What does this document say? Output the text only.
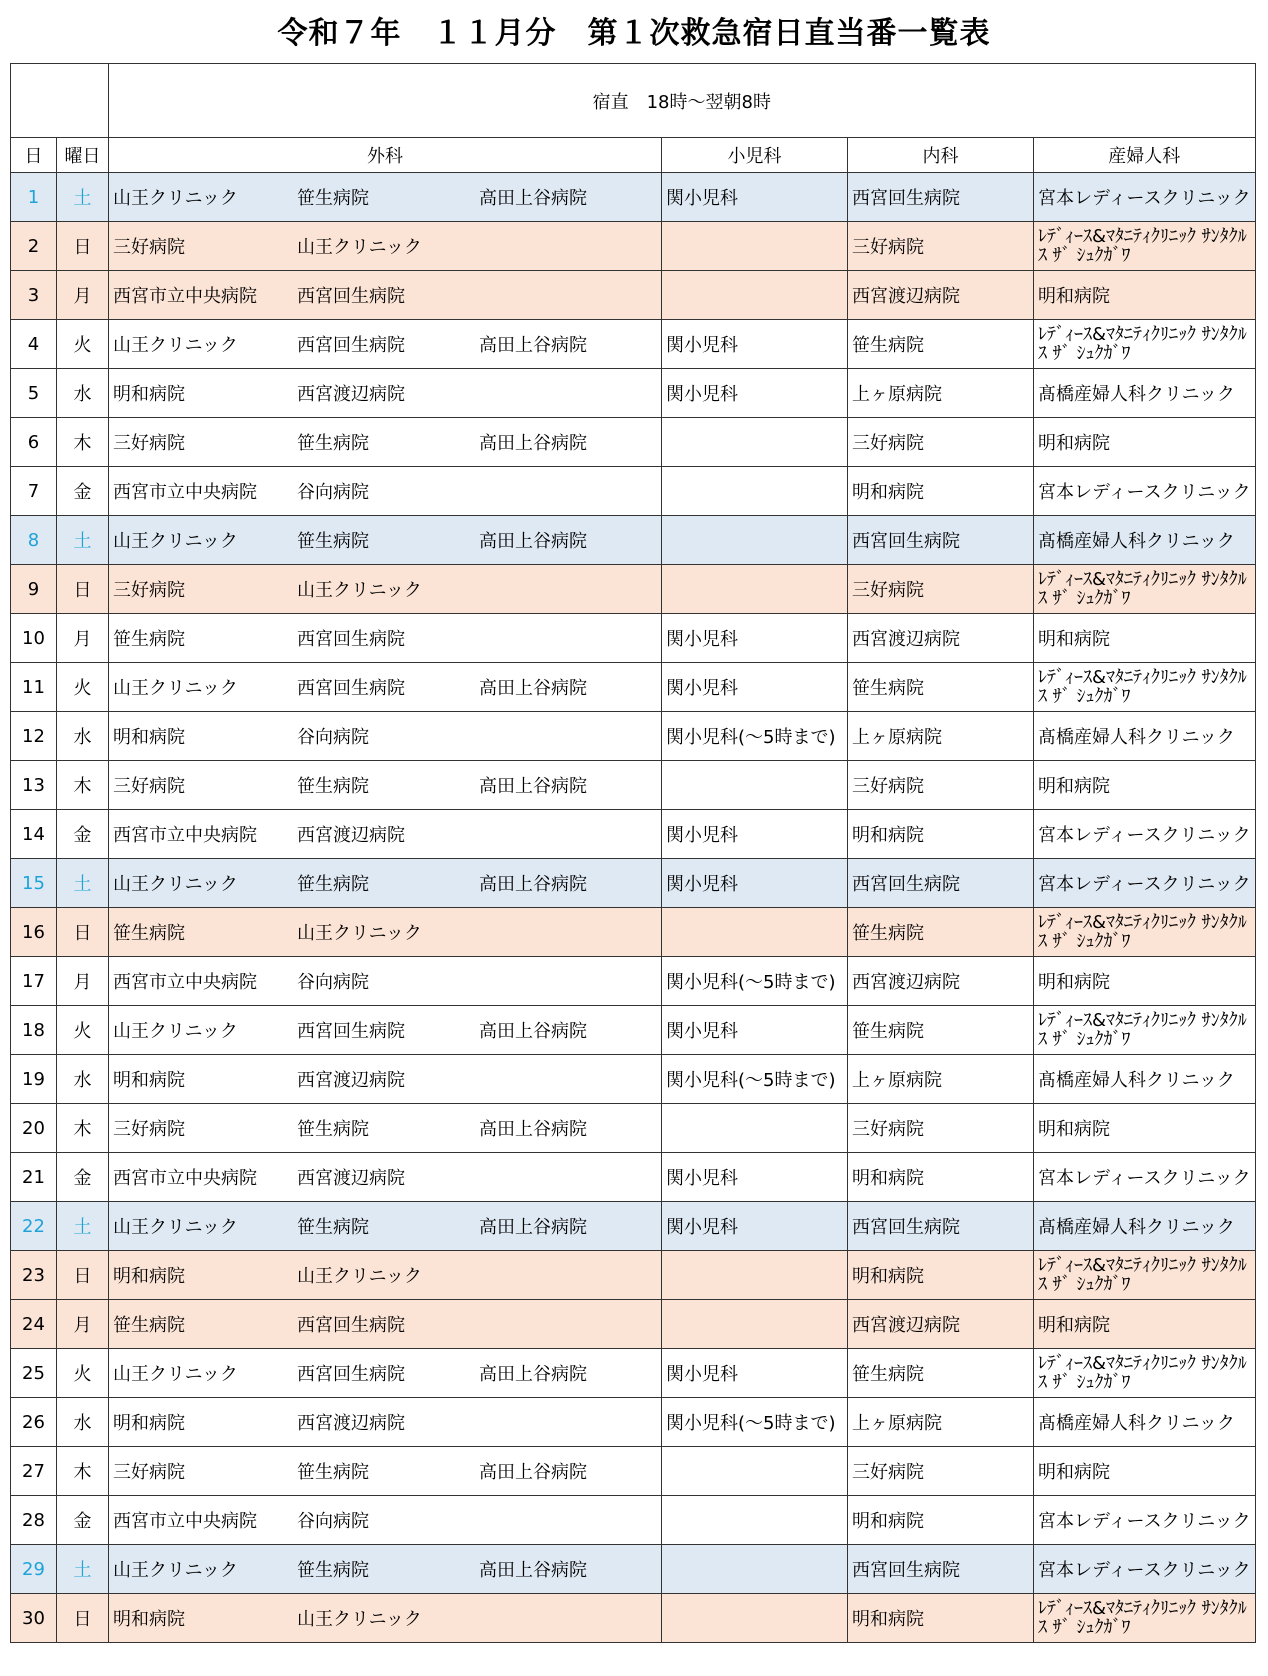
令和７年　１１月分　第１次救急宿日直当番一覧表
		宿直　18時～翌朝8時			
日	曜日	外科	小児科	内科	産婦人科
1	土	山王クリニック 笹生病院 高田上谷病院	関小児科	西宮回生病院	宮本レディースクリニック
2	日	三好病院 山王クリニック		三好病院	ﾚﾃﾞｨｰｽ&ﾏﾀﾆﾃｨｸﾘﾆｯｸ ｻﾝﾀｸﾙｽ ｻﾞ ｼｭｸｶﾞﾜ
3	月	西宮市立中央病院 西宮回生病院		西宮渡辺病院	明和病院
4	火	山王クリニック 西宮回生病院 高田上谷病院	関小児科	笹生病院	ﾚﾃﾞｨｰｽ&ﾏﾀﾆﾃｨｸﾘﾆｯｸ ｻﾝﾀｸﾙｽ ｻﾞ ｼｭｸｶﾞﾜ
5	水	明和病院 西宮渡辺病院	関小児科	上ヶ原病院	髙橋産婦人科クリニック
6	木	三好病院 笹生病院 高田上谷病院		三好病院	明和病院
7	金	西宮市立中央病院 谷向病院		明和病院	宮本レディースクリニック
8	土	山王クリニック 笹生病院 高田上谷病院		西宮回生病院	髙橋産婦人科クリニック
9	日	三好病院 山王クリニック		三好病院	ﾚﾃﾞｨｰｽ&ﾏﾀﾆﾃｨｸﾘﾆｯｸ ｻﾝﾀｸﾙｽ ｻﾞ ｼｭｸｶﾞﾜ
10	月	笹生病院 西宮回生病院	関小児科	西宮渡辺病院	明和病院
11	火	山王クリニック 西宮回生病院 高田上谷病院	関小児科	笹生病院	ﾚﾃﾞｨｰｽ&ﾏﾀﾆﾃｨｸﾘﾆｯｸ ｻﾝﾀｸﾙｽ ｻﾞ ｼｭｸｶﾞﾜ
12	水	明和病院 谷向病院	関小児科(～5時まで)	上ヶ原病院	髙橋産婦人科クリニック
13	木	三好病院 笹生病院 高田上谷病院		三好病院	明和病院
14	金	西宮市立中央病院 西宮渡辺病院	関小児科	明和病院	宮本レディースクリニック
15	土	山王クリニック 笹生病院 高田上谷病院	関小児科	西宮回生病院	宮本レディースクリニック
16	日	笹生病院 山王クリニック		笹生病院	ﾚﾃﾞｨｰｽ&ﾏﾀﾆﾃｨｸﾘﾆｯｸ ｻﾝﾀｸﾙｽ ｻﾞ ｼｭｸｶﾞﾜ
17	月	西宮市立中央病院 谷向病院	関小児科(～5時まで)	西宮渡辺病院	明和病院
18	火	山王クリニック 西宮回生病院 高田上谷病院	関小児科	笹生病院	ﾚﾃﾞｨｰｽ&ﾏﾀﾆﾃｨｸﾘﾆｯｸ ｻﾝﾀｸﾙｽ ｻﾞ ｼｭｸｶﾞﾜ
19	水	明和病院 西宮渡辺病院	関小児科(～5時まで)	上ヶ原病院	髙橋産婦人科クリニック
20	木	三好病院 笹生病院 高田上谷病院		三好病院	明和病院
21	金	西宮市立中央病院 西宮渡辺病院	関小児科	明和病院	宮本レディースクリニック
22	土	山王クリニック 笹生病院 高田上谷病院	関小児科	西宮回生病院	髙橋産婦人科クリニック
23	日	明和病院 山王クリニック		明和病院	ﾚﾃﾞｨｰｽ&ﾏﾀﾆﾃｨｸﾘﾆｯｸ ｻﾝﾀｸﾙｽ ｻﾞ ｼｭｸｶﾞﾜ
24	月	笹生病院 西宮回生病院		西宮渡辺病院	明和病院
25	火	山王クリニック 西宮回生病院 高田上谷病院	関小児科	笹生病院	ﾚﾃﾞｨｰｽ&ﾏﾀﾆﾃｨｸﾘﾆｯｸ ｻﾝﾀｸﾙｽ ｻﾞ ｼｭｸｶﾞﾜ
26	水	明和病院 西宮渡辺病院	関小児科(～5時まで)	上ヶ原病院	髙橋産婦人科クリニック
27	木	三好病院 笹生病院 高田上谷病院		三好病院	明和病院
28	金	西宮市立中央病院 谷向病院		明和病院	宮本レディースクリニック
29	土	山王クリニック 笹生病院 高田上谷病院		西宮回生病院	宮本レディースクリニック
30	日	明和病院 山王クリニック		明和病院	ﾚﾃﾞｨｰｽ&ﾏﾀﾆﾃｨｸﾘﾆｯｸ ｻﾝﾀｸﾙｽ ｻﾞ ｼｭｸｶﾞﾜ
